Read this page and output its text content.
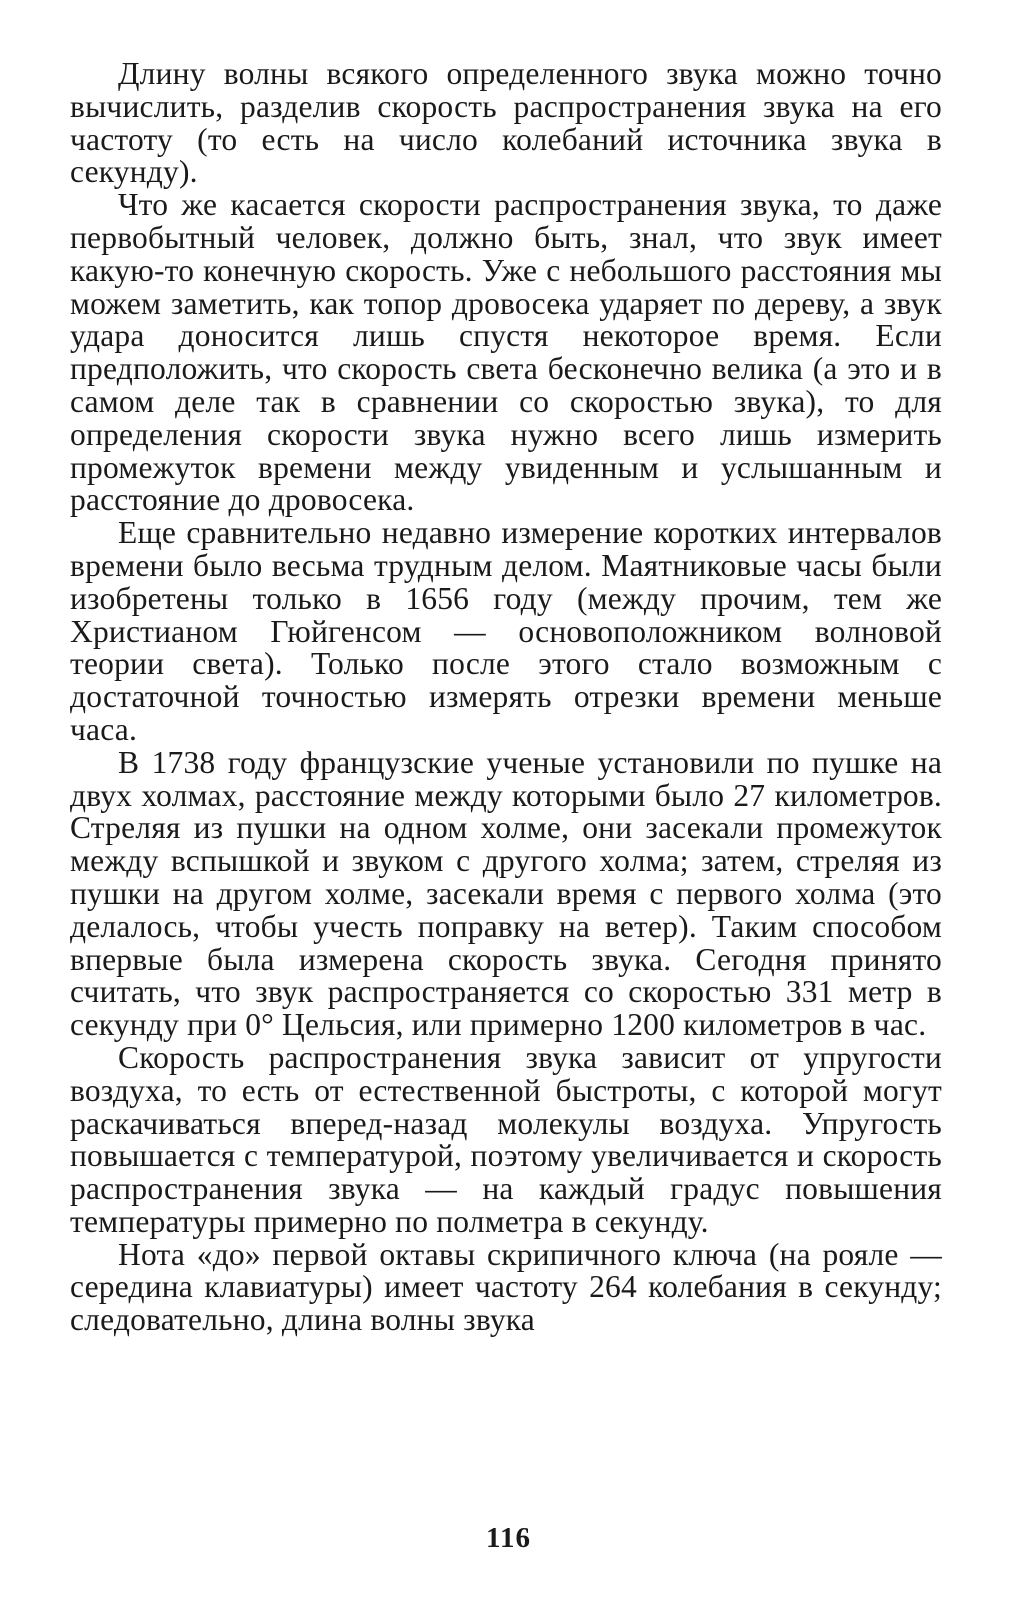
Длину волны всякого определенного звука можно точно вычислить, разделив скорость распространения звука на его частоту (то есть на число колебаний источника звука в секунду).

Что же касается скорости распространения звука, то даже первобытный человек, должно быть, знал, что звук имеет какую-то конечную скорость. Уже с небольшого расстояния мы можем заметить, как топор дровосека ударяет по дереву, а звук удара доносится лишь спустя некоторое время. Если предположить, что скорость света бесконечно велика (а это и в самом деле так в сравнении со скоростью звука), то для определения скорости звука нужно всего лишь измерить промежуток времени между увиденным и услышанным и расстояние до дровосека.

Еще сравнительно недавно измерение коротких интервалов времени было весьма трудным делом. Маятниковые часы были изобретены только в 1656 году (между прочим, тем же Христианом Гюйгенсом — основоположником волновой теории света). Только после этого стало возможным с достаточной точностью измерять отрезки времени меньше часа.

В 1738 году французские ученые установили по пушке на двух холмах, расстояние между которыми было 27 километров. Стреляя из пушки на одном холме, они засекали промежуток между вспышкой и звуком с другого холма; затем, стреляя из пушки на другом холме, засекали время с первого холма (это делалось, чтобы учесть поправку на ветер). Таким способом впервые была измерена скорость звука. Сегодня принято считать, что звук распространяется со скоростью 331 метр в секунду при 0° Цельсия, или примерно 1200 километров в час.

Скорость распространения звука зависит от упругости воздуха, то есть от естественной быстроты, с которой могут раскачиваться вперед-назад молекулы воздуха. Упругость повышается с температурой, поэтому увеличивается и скорость распространения звука — на каждый градус повышения температуры примерно по полметра в секунду.

Нота «до» первой октавы скрипичного ключа (на рояле — середина клавиатуры) имеет частоту 264 колебания в секунду; следовательно, длина волны звука

116
